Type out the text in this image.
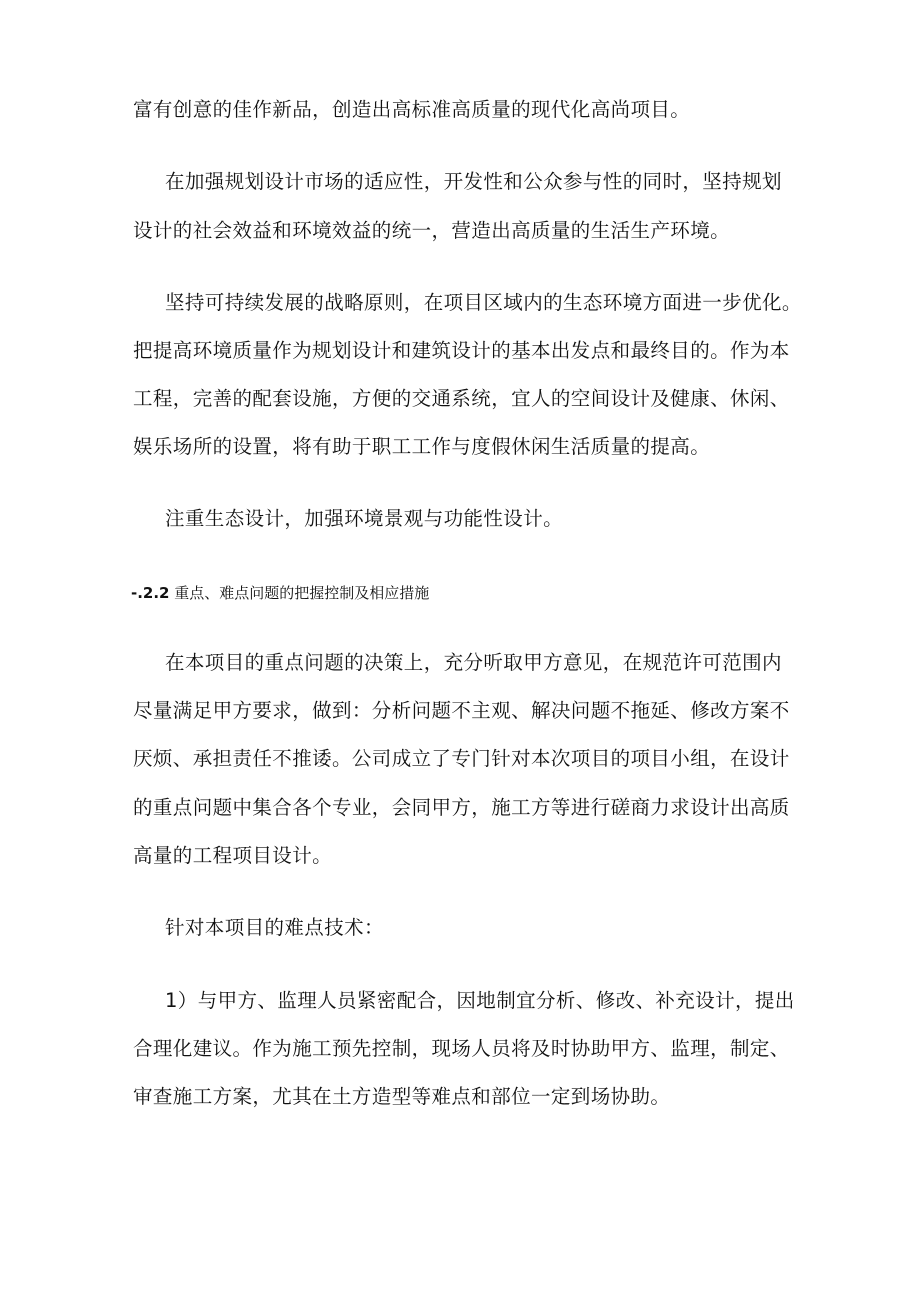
富有创意的佳作新品，创造出高标准高质量的现代化高尚项目。
在加强规划设计市场的适应性，开发性和公众参与性的同时，坚持规划
设计的社会效益和环境效益的统一，营造出高质量的生活生产环境。
坚持可持续发展的战略原则，在项目区域内的生态环境方面进一步优化。
把提高环境质量作为规划设计和建筑设计的基本出发点和最终目的。作为本
工程，完善的配套设施，方便的交通系统，宜人的空间设计及健康、休闲、
娱乐场所的设置，将有助于职工工作与度假休闲生活质量的提高。
注重生态设计，加强环境景观与功能性设计。
-.2.2 重点、难点问题的把握控制及相应措施
在本项目的重点问题的决策上，充分听取甲方意见，在规范许可范围内
尽量满足甲方要求，做到：分析问题不主观、解决问题不拖延、修改方案不
厌烦、承担责任不推诿。公司成立了专门针对本次项目的项目小组，在设计
的重点问题中集合各个专业，会同甲方，施工方等进行磋商力求设计出高质
高量的工程项目设计。
针对本项目的难点技术：
1）与甲方、监理人员紧密配合，因地制宜分析、修改、补充设计，提出
合理化建议。作为施工预先控制，现场人员将及时协助甲方、监理，制定、
审查施工方案，尤其在土方造型等难点和部位一定到场协助。
